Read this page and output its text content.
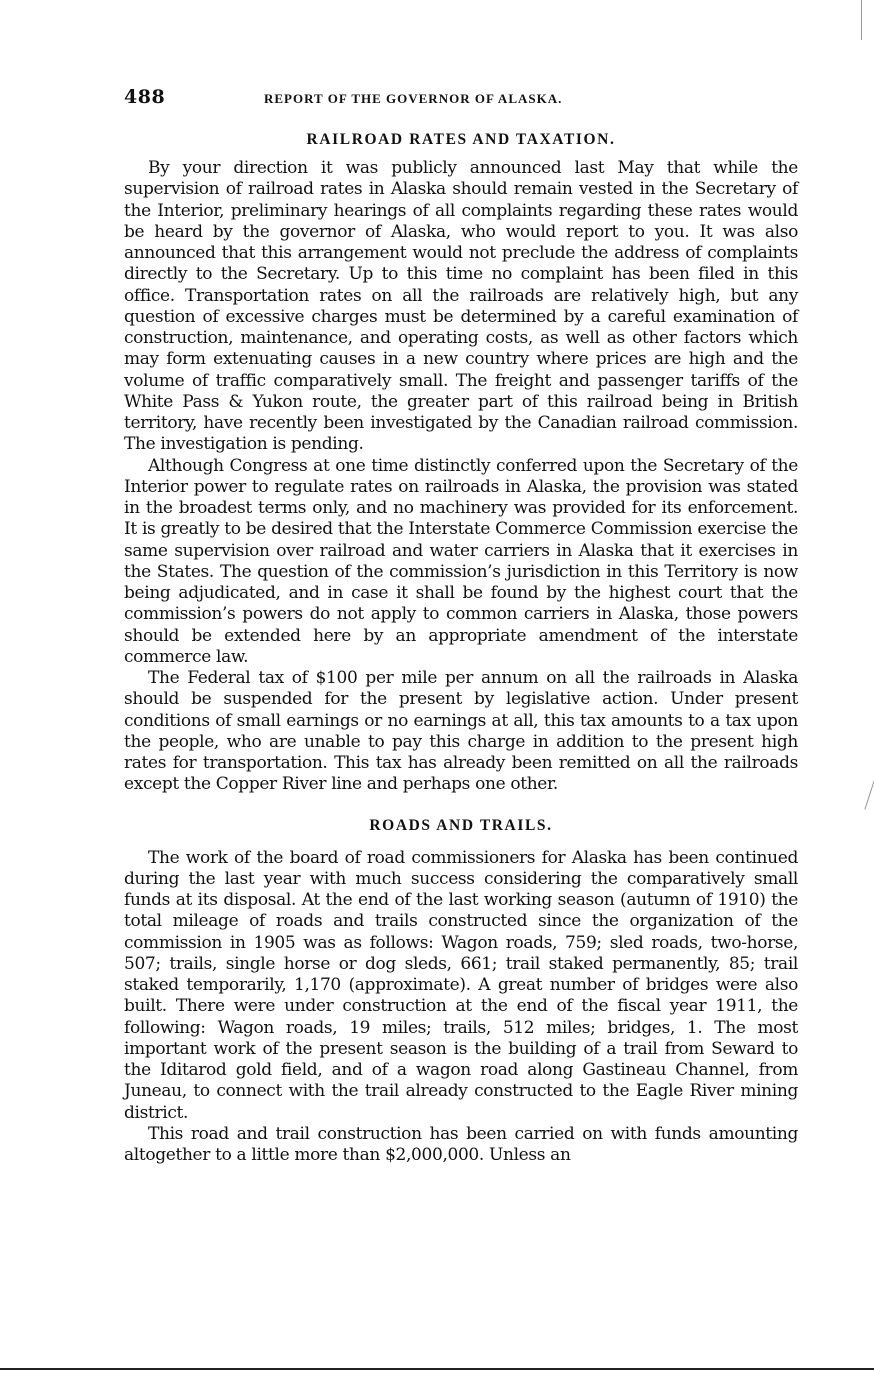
488	REPORT OF THE GOVERNOR OF ALASKA.
RAILROAD RATES AND TAXATION.

By your direction it was publicly announced last May that while the supervision of railroad rates in Alaska should remain vested in the Secretary of the Interior, preliminary hearings of all complaints regarding these rates would be heard by the governor of Alaska, who would report to you. It was also announced that this arrangement would not preclude the address of complaints directly to the Secretary. Up to this time no complaint has been filed in this office. Transportation rates on all the railroads are relatively high, but any question of excessive charges must be determined by a careful examination of construction, maintenance, and operating costs, as well as other factors which may form extenuating causes in a new country where prices are high and the volume of traffic comparatively small. The freight and passenger tariffs of the White Pass & Yukon route, the greater part of this railroad being in British territory, have recently been investigated by the Canadian railroad commission. The investigation is pending.

Although Congress at one time distinctly conferred upon the Secretary of the Interior power to regulate rates on railroads in Alaska, the provision was stated in the broadest terms only, and no machinery was provided for its enforcement. It is greatly to be desired that the Interstate Commerce Commission exercise the same supervision over railroad and water carriers in Alaska that it exercises in the States. The question of the commission’s jurisdiction in this Territory is now being adjudicated, and in case it shall be found by the highest court that the commission’s powers do not apply to common carriers in Alaska, those powers should be extended here by an appropriate amendment of the interstate commerce law.

The Federal tax of $100 per mile per annum on all the railroads in Alaska should be suspended for the present by legislative action. Under present conditions of small earnings or no earnings at all, this tax amounts to a tax upon the people, who are unable to pay this charge in addition to the present high rates for transportation. This tax has already been remitted on all the railroads except the Copper River line and perhaps one other.

ROADS AND TRAILS.

The work of the board of road commissioners for Alaska has been continued during the last year with much success considering the comparatively small funds at its disposal. At the end of the last working season (autumn of 1910) the total mileage of roads and trails constructed since the organization of the commission in 1905 was as follows: Wagon roads, 759; sled roads, two-horse, 507; trails, single horse or dog sleds, 661; trail staked permanently, 85; trail staked temporarily, 1,170 (approximate). A great number of bridges were also built. There were under construction at the end of the fiscal year 1911, the following: Wagon roads, 19 miles; trails, 512 miles; bridges, 1. The most important work of the present season is the building of a trail from Seward to the Iditarod gold field, and of a wagon road along Gastineau Channel, from Juneau, to connect with the trail already constructed to the Eagle River mining district.

This road and trail construction has been carried on with funds amounting altogether to a little more than $2,000,000. Unless an
